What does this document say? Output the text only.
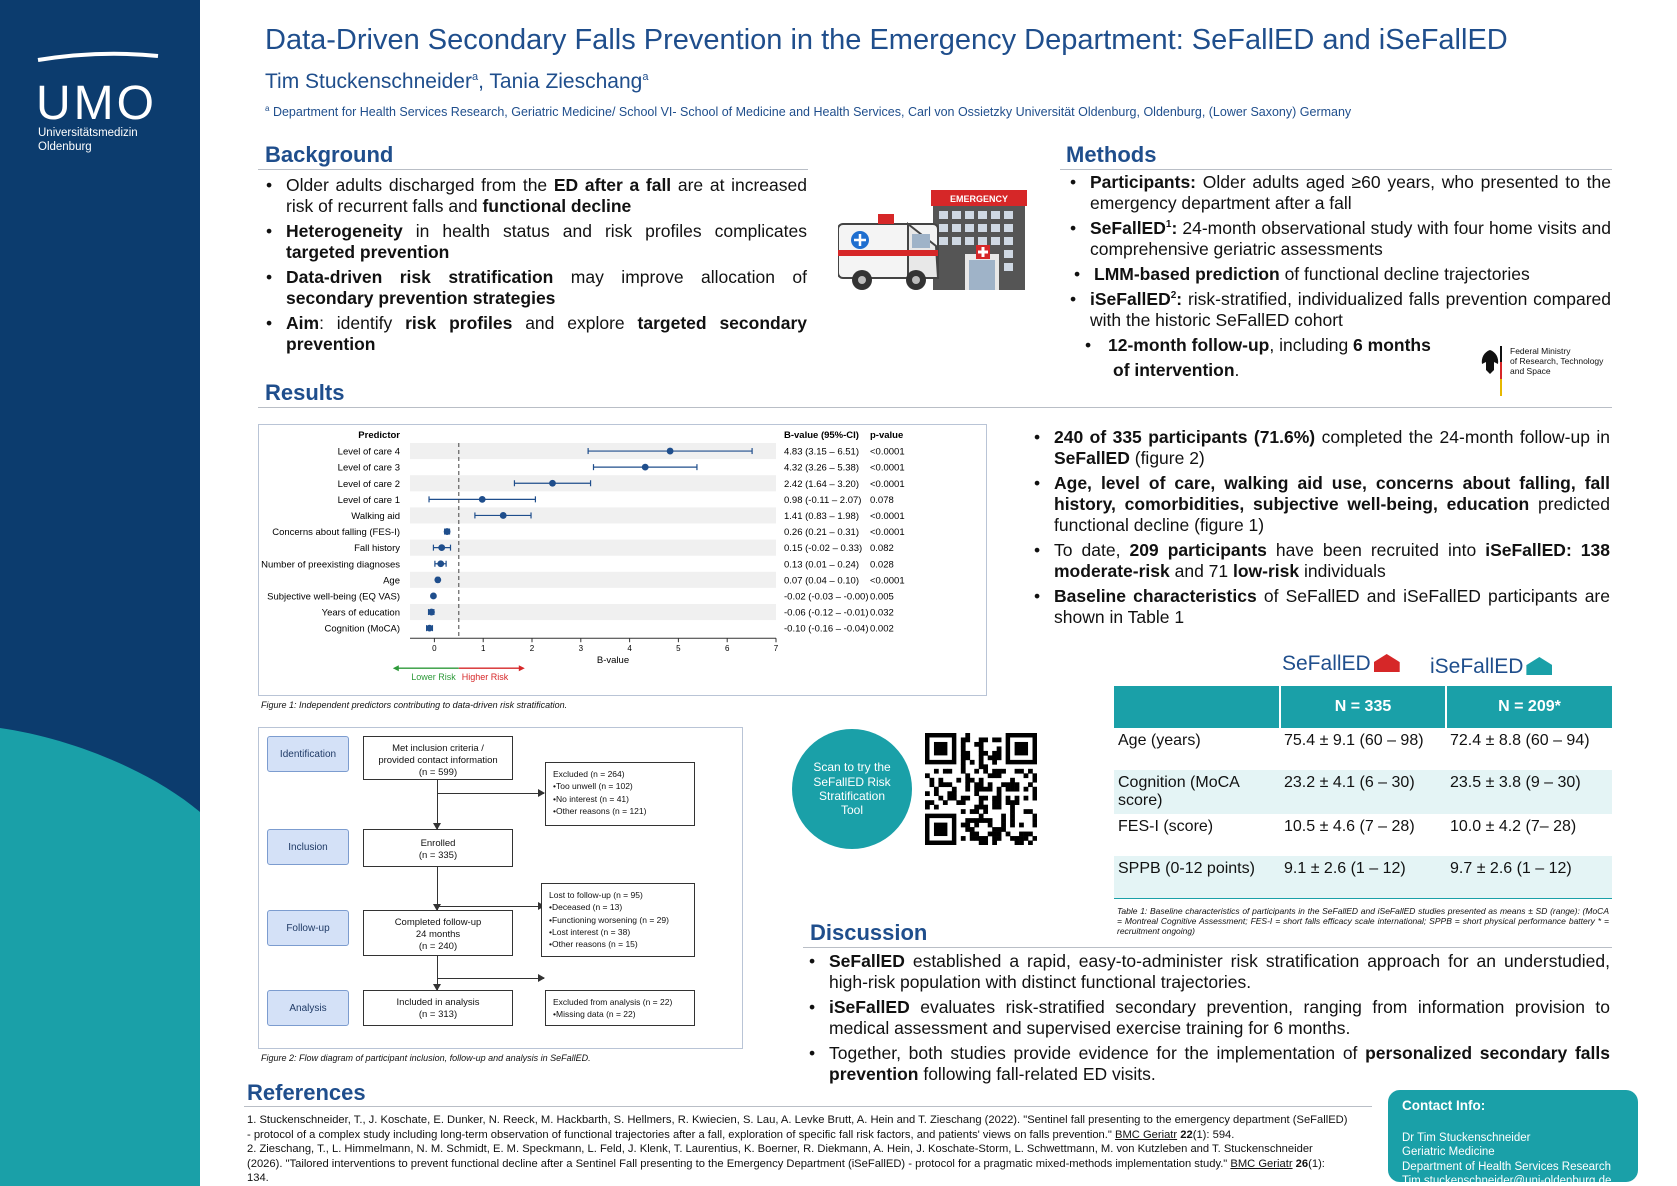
UMO
Universitätsmedizin
Oldenburg
Data-Driven Secondary Falls Prevention in the Emergency Department: SeFallED and iSeFallED
Tim Stuckenschneider$^a$, Tania Zieschang$^a$
$^a$ Department for Health Services Research, Geriatric Medicine/ School VI- School of Medicine and Health Services, Carl von Ossietzky Universität Oldenburg, Oldenburg, (Lower Saxony) Germany
Background
• Older adults discharged from the ED after a fall are at increased risk of recurrent falls and functional decline
• Heterogeneity in health status and risk profiles complicates targeted prevention
• Data-driven risk stratification may improve allocation of secondary prevention strategies
• Aim: identify risk profiles and explore targeted secondary prevention
EMERGENCY
Methods
• Participants: Older adults aged ≥60 years, who presented to the emergency department after a fall
• SeFallED$^1$: 24-month observational study with four home visits and comprehensive geriatric assessments
• LMM-based prediction of functional decline trajectories
• iSeFallED$^2$: risk-stratified, individualized falls prevention compared with the historic SeFallED cohort
• 12-month follow-up, including 6 months
of intervention.
Federal Ministry
of Research, Technology
and Space
Results
Predictor	B-value (95%-CI) p-value
Level of care 4	4.83 (3.15 – 6.51) <0.0001
Level of care 3	4.32 (3.26 – 5.38) <0.0001
Level of care 2	2.42 (1.64 – 3.20) <0.0001
Level of care 1	0.98 (-0.11 – 2.07) 0.078
Walking aid	1.41 (0.83 – 1.98) <0.0001
Concerns about falling (FES-I)	0.26 (0.21 – 0.31) <0.0001
Fall history	0.15 (-0.02 – 0.33) 0.082
Number of preexisting diagnoses	0.13 (0.01 – 0.24) 0.028
Age	0.07 (0.04 – 0.10) <0.0001
Subjective well-being (EQ VAS)	-0.02 (-0.03 – -0.00) 0.005
Years of education	-0.06 (-0.12 – -0.01) 0.032
Cognition (MoCA)	-0.10 (-0.16 – -0.04) 0.002
0	1	2	3	4	5	6	7
B-value
Lower Risk Higher Risk
Figure 1: Independent predictors contributing to data-driven risk stratification.
• 240 of 335 participants (71.6%) completed the 24-month follow-up in SeFallED (figure 2)
• Age, level of care, walking aid use, concerns about falling, fall history, comorbidities, subjective well-being, education predicted functional decline (figure 1)
• To date, 209 participants have been recruited into iSeFallED: 138 moderate-risk and 71 low-risk individuals
• Baseline characteristics of SeFallED and iSeFallED participants are shown in Table 1
Identification
Inclusion
Follow-up
Analysis
Met inclusion criteria /
provided contact information
(n = 599)
Enrolled
(n = 335)
Completed follow-up
24 months
(n = 240)
Included in analysis
(n = 313)
Excluded (n = 264)
• Too unwell (n = 102)
• No interest (n = 41)
• Other reasons (n = 121)
Lost to follow-up (n = 95)
• Deceased (n = 13)
• Functioning worsening (n = 29)
• Lost interest (n = 38)
• Other reasons (n = 15)
Excluded from analysis (n = 22)
• Missing data (n = 22)
Figure 2: Flow diagram of participant inclusion, follow-up and analysis in SeFallED.
Scan to try the SeFallED Risk Stratification Tool
SeFallED	iSeFallED
	N = 335	N = 209*
Age (years)	75.4 ± 9.1 (60 – 98)	72.4 ± 8.8 (60 – 94)
Cognition (MoCA score)	23.2 ± 4.1 (6 – 30)	23.5 ± 3.8 (9 – 30)
FES-I (score)	10.5 ± 4.6 (7 – 28)	10.0 ± 4.2 (7– 28)
SPPB (0-12 points)	9.1 ± 2.6 (1 – 12)	9.7 ± 2.6 (1 – 12)
Table 1: Baseline characteristics of participants in the SeFallED and iSeFallED studies presented as means ± SD (range): (MoCA = Montreal Cognitive Assessment; FES-I = short falls efficacy scale international; SPPB = short physical performance battery * = recruitment ongoing)
Discussion
• SeFallED established a rapid, easy-to-administer risk stratification approach for an understudied, high-risk population with distinct functional trajectories.
• iSeFallED evaluates risk-stratified secondary prevention, ranging from information provision to medical assessment and supervised exercise training for 6 months.
• Together, both studies provide evidence for the implementation of personalized secondary falls prevention following fall-related ED visits.
References
1. Stuckenschneider, T., J. Koschate, E. Dunker, N. Reeck, M. Hackbarth, S. Hellmers, R. Kwiecien, S. Lau, A. Levke Brutt, A. Hein and T. Zieschang (2022). "Sentinel fall presenting to the emergency department (SeFallED) - protocol of a complex study including long-term observation of functional trajectories after a fall, exploration of specific fall risk factors, and patients' views on falls prevention." BMC Geriatr 22(1): 594.
2. Zieschang, T., L. Himmelmann, N. M. Schmidt, E. M. Speckmann, L. Feld, J. Klenk, T. Laurentius, K. Boerner, R. Diekmann, A. Hein, J. Koschate-Storm, L. Schwettmann, M. von Kutzleben and T. Stuckenschneider (2026). "Tailored interventions to prevent functional decline after a Sentinel Fall presenting to the Emergency Department (iSeFallED) - protocol for a pragmatic mixed-methods implementation study." BMC Geriatr 26(1): 134.
Contact Info:
Dr Tim Stuckenschneider
Geriatric Medicine
Department of Health Services Research
Tim.stuckenschneider@uni-oldenburg.de
